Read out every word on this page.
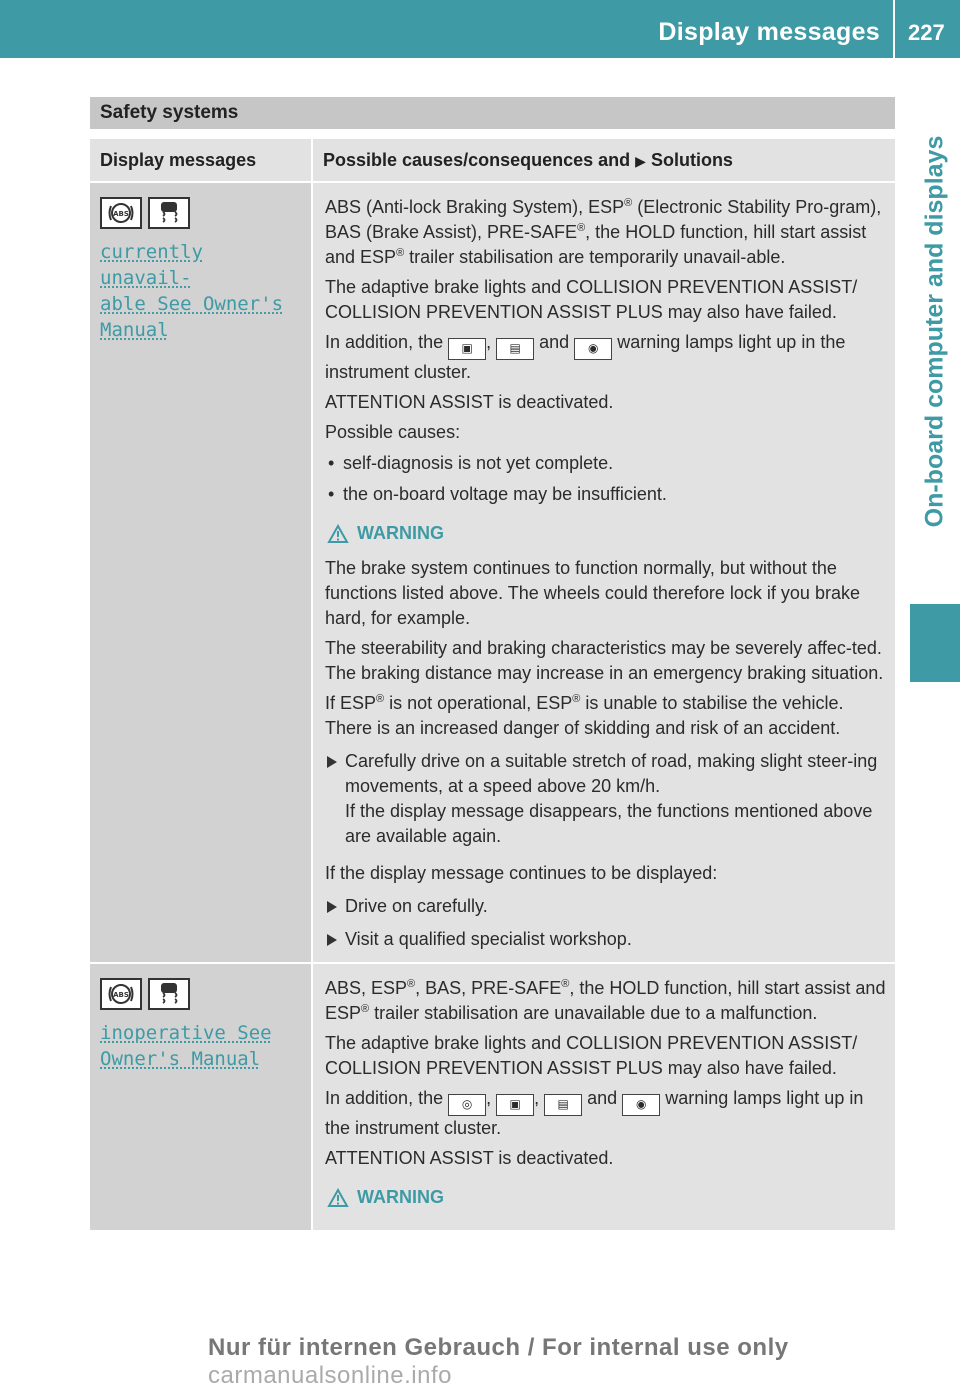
Display messages 227
On-board computer and displays
Safety systems
Display messages	Possible causes/consequences and ▶ Solutions
ABS
currently unavail‐
able See Owner's
Manual

ABS (Anti-lock Braking System), ESP® (Electronic Stability Pro‐gram), BAS (Brake Assist), PRE-SAFE®, the HOLD function, hill start assist and ESP® trailer stabilisation are temporarily unavail‐able.

The adaptive brake lights and COLLISION PREVENTION ASSIST/ COLLISION PREVENTION ASSIST PLUS may also have failed.

In addition, the ▣ , ▤ and ◉ warning lamps light up in the instrument cluster.

ATTENTION ASSIST is deactivated.

Possible causes:

• self-diagnosis is not yet complete.
• the on-board voltage may be insufficient.
WARNING

The brake system continues to function normally, but without the functions listed above. The wheels could therefore lock if you brake hard, for example.

The steerability and braking characteristics may be severely affec‐ted. The braking distance may increase in an emergency braking situation.

If ESP® is not operational, ESP® is unable to stabilise the vehicle. There is an increased danger of skidding and risk of an accident.

Carefully drive on a suitable stretch of road, making slight steer‐ing movements, at a speed above 20 km/h.
If the display message disappears, the functions mentioned above are available again.

If the display message continues to be displayed:

Drive on carefully.
Visit a qualified specialist workshop.
ABS
inoperative See
Owner's Manual

ABS, ESP®, BAS, PRE-SAFE®, the HOLD function, hill start assist and ESP® trailer stabilisation are unavailable due to a malfunction.

The adaptive brake lights and COLLISION PREVENTION ASSIST/ COLLISION PREVENTION ASSIST PLUS may also have failed.

In addition, the ◎ , ▣ , ▤ and ◉ warning lamps light up in the instrument cluster.

ATTENTION ASSIST is deactivated.

WARNING
Nur für internen Gebrauch / For internal use only carmanualsonline.info
